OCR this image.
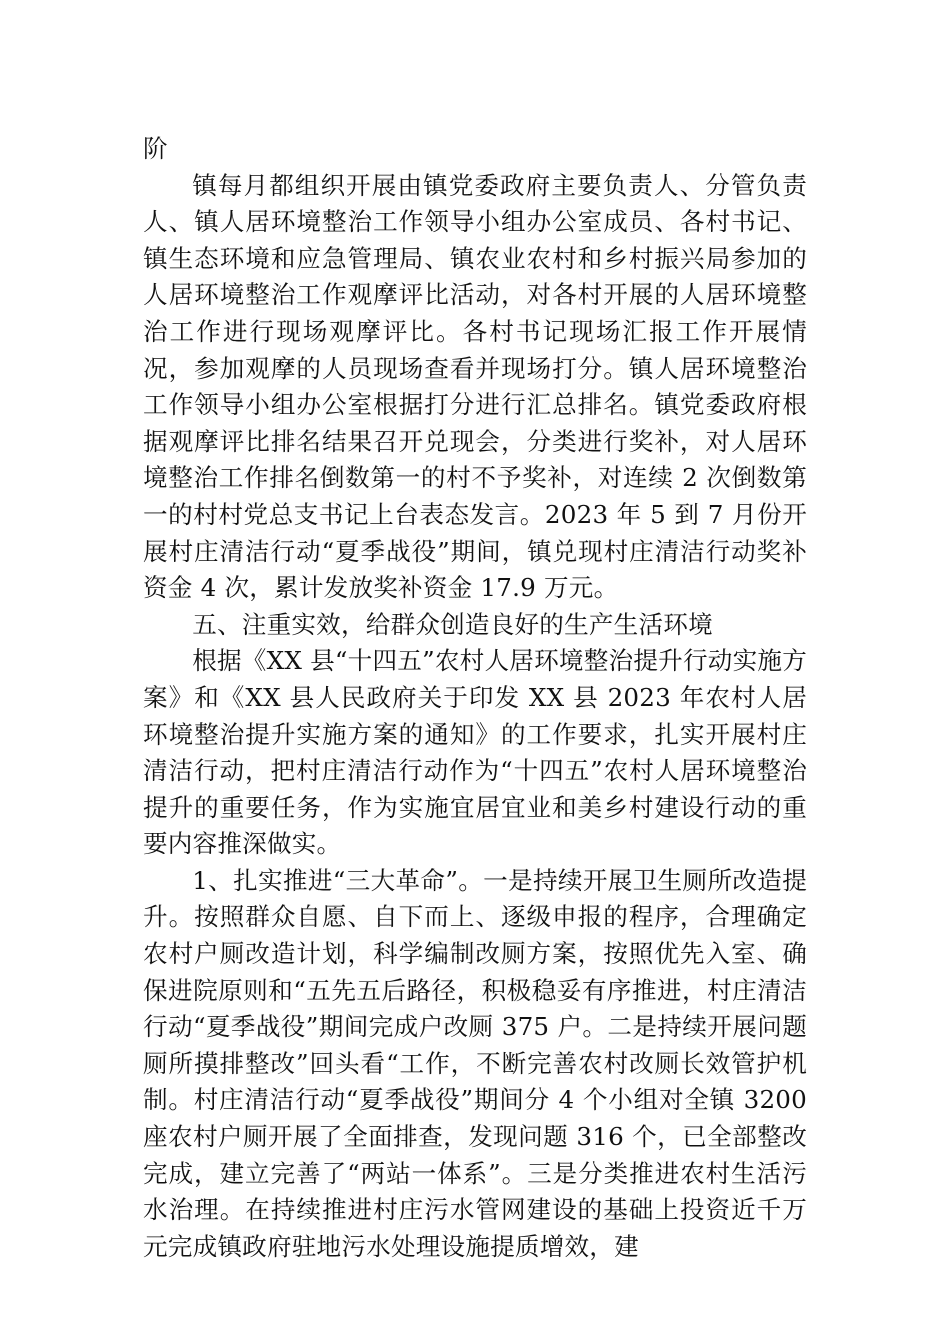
阶

镇每月都组织开展由镇党委政府主要负责人、分管负责人、镇人居环境整治工作领导小组办公室成员、各村书记、镇生态环境和应急管理局、镇农业农村和乡村振兴局参加的人居环境整治工作观摩评比活动，对各村开展的人居环境整治工作进行现场观摩评比。各村书记现场汇报工作开展情况，参加观摩的人员现场查看并现场打分。镇人居环境整治工作领导小组办公室根据打分进行汇总排名。镇党委政府根据观摩评比排名结果召开兑现会，分类进行奖补，对人居环境整治工作排名倒数第一的村不予奖补，对连续 2 次倒数第一的村村党总支书记上台表态发言。2023 年 5 到 7 月份开展村庄清洁行动“夏季战役”期间，镇兑现村庄清洁行动奖补资金 4 次，累计发放奖补资金 17.9 万元。

五、注重实效，给群众创造良好的生产生活环境

根据《XX 县“十四五”农村人居环境整治提升行动实施方案》和《XX 县人民政府关于印发 XX 县 2023 年农村人居环境整治提升实施方案的通知》的工作要求，扎实开展村庄清洁行动，把村庄清洁行动作为“十四五”农村人居环境整治提升的重要任务，作为实施宜居宜业和美乡村建设行动的重要内容推深做实。

1、扎实推进“三大革命”。一是持续开展卫生厕所改造提升。按照群众自愿、自下而上、逐级申报的程序，合理确定农村户厕改造计划，科学编制改厕方案，按照优先入室、确保进院原则和“五先五后路径，积极稳妥有序推进，村庄清洁行动“夏季战役”期间完成户改厕 375 户。二是持续开展问题厕所摸排整改”回头看“工作，不断完善农村改厕长效管护机制。村庄清洁行动“夏季战役”期间分 4 个小组对全镇 3200 座农村户厕开展了全面排查，发现问题 316 个，已全部整改完成，建立完善了“两站一体系”。三是分类推进农村生活污水治理。在持续推进村庄污水管网建设的基础上投资近千万元完成镇政府驻地污水处理设施提质增效，建
